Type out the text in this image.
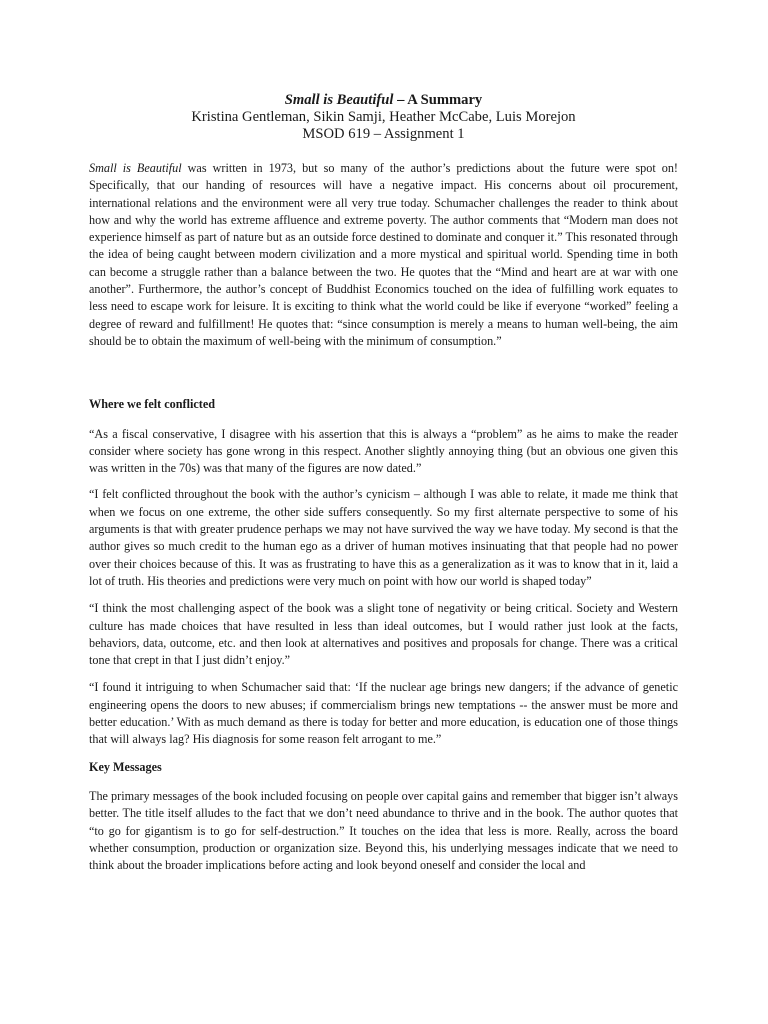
Small is Beautiful – A Summary

Kristina Gentleman, Sikin Samji, Heather McCabe, Luis Morejon

MSOD 619 – Assignment 1

Small is Beautiful was written in 1973, but so many of the author’s predictions about the future were spot on! Specifically, that our handing of resources will have a negative impact. His concerns about oil procurement, international relations and the environment were all very true today. Schumacher challenges the reader to think about how and why the world has extreme affluence and extreme poverty. The author comments that “Modern man does not experience himself as part of nature but as an outside force destined to dominate and conquer it.” This resonated through the idea of being caught between modern civilization and a more mystical and spiritual world. Spending time in both can become a struggle rather than a balance between the two. He quotes that the “Mind and heart are at war with one another”. Furthermore, the author’s concept of Buddhist Economics touched on the idea of fulfilling work equates to less need to escape work for leisure. It is exciting to think what the world could be like if everyone “worked” feeling a degree of reward and fulfillment! He quotes that: “since consumption is merely a means to human well-being, the aim should be to obtain the maximum of well-being with the minimum of consumption.”

Where we felt conflicted

“As a fiscal conservative, I disagree with his assertion that this is always a “problem” as he aims to make the reader consider where society has gone wrong in this respect. Another slightly annoying thing (but an obvious one given this was written in the 70s) was that many of the figures are now dated.”

“I felt conflicted throughout the book with the author’s cynicism – although I was able to relate, it made me think that when we focus on one extreme, the other side suffers consequently. So my first alternate perspective to some of his arguments is that with greater prudence perhaps we may not have survived the way we have today. My second is that the author gives so much credit to the human ego as a driver of human motives insinuating that that people had no power over their choices because of this. It was as frustrating to have this as a generalization as it was to know that in it, laid a lot of truth. His theories and predictions were very much on point with how our world is shaped today”

“I think the most challenging aspect of the book was a slight tone of negativity or being critical. Society and Western culture has made choices that have resulted in less than ideal outcomes, but I would rather just look at the facts, behaviors, data, outcome, etc. and then look at alternatives and positives and proposals for change. There was a critical tone that crept in that I just didn’t enjoy.”

“I found it intriguing to when Schumacher said that: ‘If the nuclear age brings new dangers; if the advance of genetic engineering opens the doors to new abuses; if commercialism brings new temptations -- the answer must be more and better education.’ With as much demand as there is today for better and more education, is education one of those things that will always lag? His diagnosis for some reason felt arrogant to me.”

Key Messages

The primary messages of the book included focusing on people over capital gains and remember that bigger isn’t always better. The title itself alludes to the fact that we don’t need abundance to thrive and in the book. The author quotes that “to go for gigantism is to go for self-destruction.” It touches on the idea that less is more. Really, across the board whether consumption, production or organization size. Beyond this, his underlying messages indicate that we need to think about the broader implications before acting and look beyond oneself and consider the local and
